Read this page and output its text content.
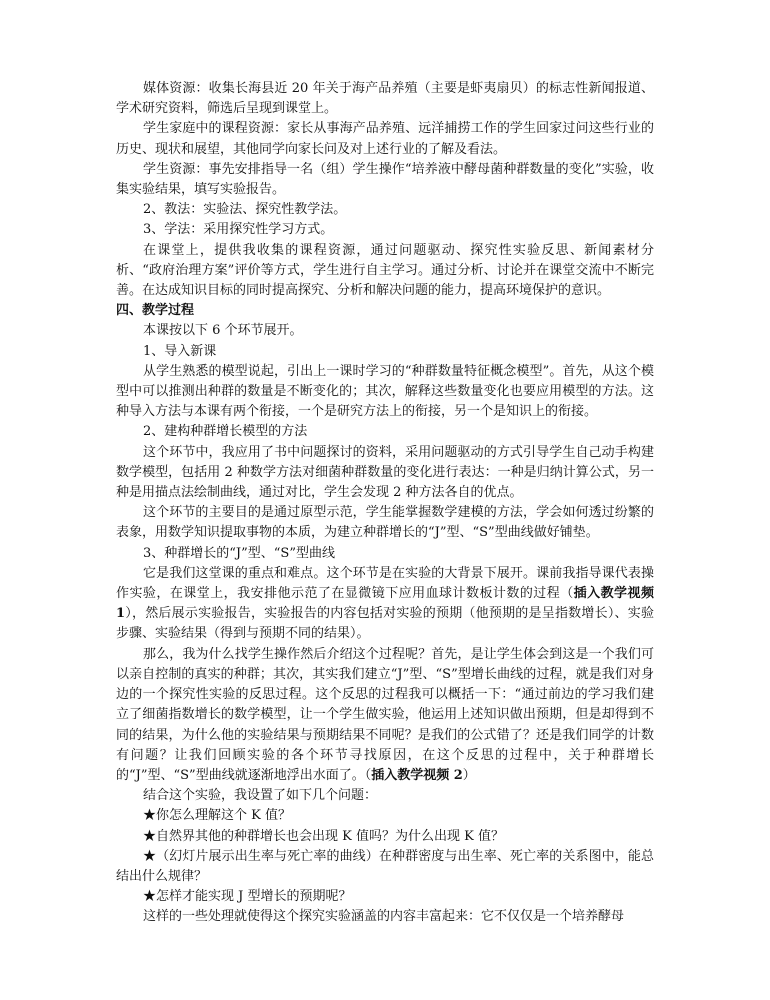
媒体资源：收集长海县近 20 年关于海产品养殖（主要是虾夷扇贝）的标志性新闻报道、学术研究资料，筛选后呈现到课堂上。

学生家庭中的课程资源：家长从事海产品养殖、远洋捕捞工作的学生回家过问这些行业的历史、现状和展望，其他同学向家长问及对上述行业的了解及看法。

学生资源：事先安排指导一名（组）学生操作“培养液中酵母菌种群数量的变化”实验，收集实验结果，填写实验报告。

2、教法：实验法、探究性教学法。

3、学法：采用探究性学习方式。

在课堂上，提供我收集的课程资源，通过问题驱动、探究性实验反思、新闻素材分析、“政府治理方案”评价等方式，学生进行自主学习。通过分析、讨论并在课堂交流中不断完善。在达成知识目标的同时提高探究、分析和解决问题的能力，提高环境保护的意识。

四、教学过程

本课按以下 6 个环节展开。

1、导入新课

从学生熟悉的模型说起，引出上一课时学习的“种群数量特征概念模型”。首先，从这个模型中可以推测出种群的数量是不断变化的；其次，解释这些数量变化也要应用模型的方法。这种导入方法与本课有两个衔接，一个是研究方法上的衔接，另一个是知识上的衔接。

2、建构种群增长模型的方法

这个环节中，我应用了书中问题探讨的资料，采用问题驱动的方式引导学生自己动手构建数学模型，包括用 2 种数学方法对细菌种群数量的变化进行表达：一种是归纳计算公式，另一种是用描点法绘制曲线，通过对比，学生会发现 2 种方法各自的优点。

这个环节的主要目的是通过原型示范，学生能掌握数学建模的方法，学会如何透过纷繁的表象，用数学知识提取事物的本质，为建立种群增长的“J”型、“S”型曲线做好铺垫。

3、种群增长的“J”型、“S”型曲线

它是我们这堂课的重点和难点。这个环节是在实验的大背景下展开。课前我指导课代表操作实验，在课堂上，我安排他示范了在显微镜下应用血球计数板计数的过程（插入教学视频 1），然后展示实验报告，实验报告的内容包括对实验的预期（他预期的是呈指数增长）、实验步骤、实验结果（得到与预期不同的结果）。

那么，我为什么找学生操作然后介绍这个过程呢？首先，是让学生体会到这是一个我们可以亲自控制的真实的种群；其次，其实我们建立“J”型、“S”型增长曲线的过程，就是我们对身边的一个探究性实验的反思过程。这个反思的过程我可以概括一下：“通过前边的学习我们建立了细菌指数增长的数学模型，让一个学生做实验，他运用上述知识做出预期，但是却得到不同的结果，为什么他的实验结果与预期结果不同呢？是我们的公式错了？还是我们同学的计数有问题？让我们回顾实验的各个环节寻找原因，在这个反思的过程中，关于种群增长的“J”型、“S”型曲线就逐渐地浮出水面了。（插入教学视频 2）

结合这个实验，我设置了如下几个问题：

★你怎么理解这个 K 值？

★自然界其他的种群增长也会出现 K 值吗？为什么出现 K 值？

★（幻灯片展示出生率与死亡率的曲线）在种群密度与出生率、死亡率的关系图中，能总结出什么规律？

★怎样才能实现 J 型增长的预期呢？

这样的一些处理就使得这个探究实验涵盖的内容丰富起来：它不仅仅是一个培养酵母
